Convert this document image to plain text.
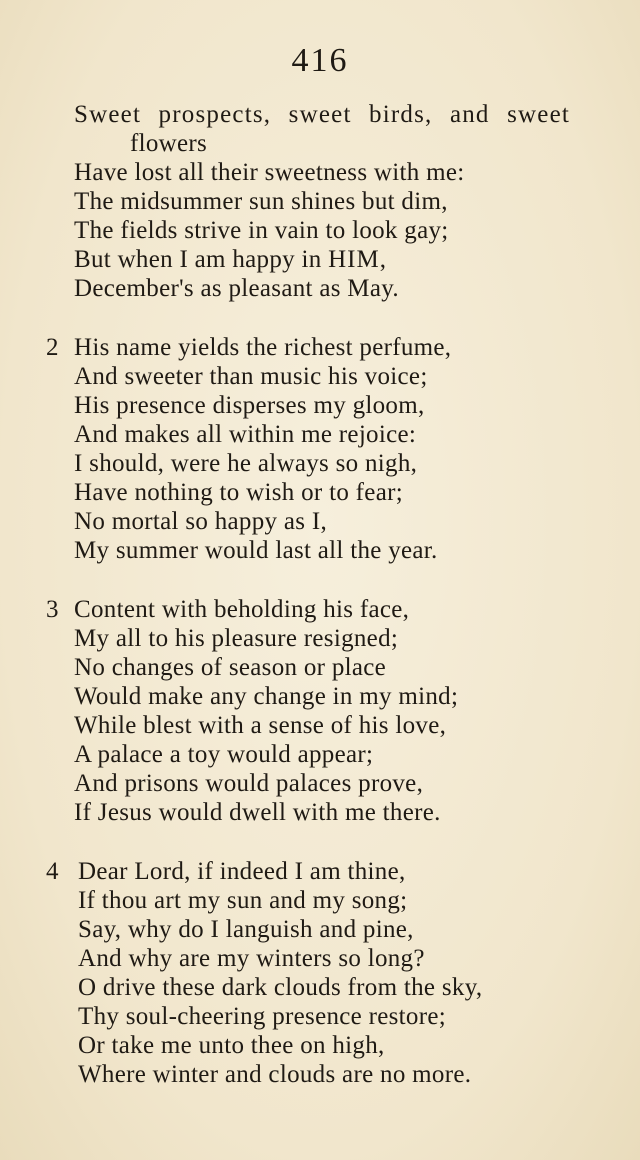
416
Sweet prospects, sweet birds, and sweet
flowers
Have lost all their sweetness with me:
The midsummer sun shines but dim,
The fields strive in vain to look gay;
But when I am happy in HIM,
December's as pleasant as May.
2 His name yields the richest perfume,
And sweeter than music his voice;
His presence disperses my gloom,
And makes all within me rejoice:
I should, were he always so nigh,
Have nothing to wish or to fear;
No mortal so happy as I,
My summer would last all the year.
3 Content with beholding his face,
My all to his pleasure resigned;
No changes of season or place
Would make any change in my mind;
While blest with a sense of his love,
A palace a toy would appear;
And prisons would palaces prove,
If Jesus would dwell with me there.
4 Dear Lord, if indeed I am thine,
If thou art my sun and my song;
Say, why do I languish and pine,
And why are my winters so long?
O drive these dark clouds from the sky,
Thy soul-cheering presence restore;
Or take me unto thee on high,
Where winter and clouds are no more.
